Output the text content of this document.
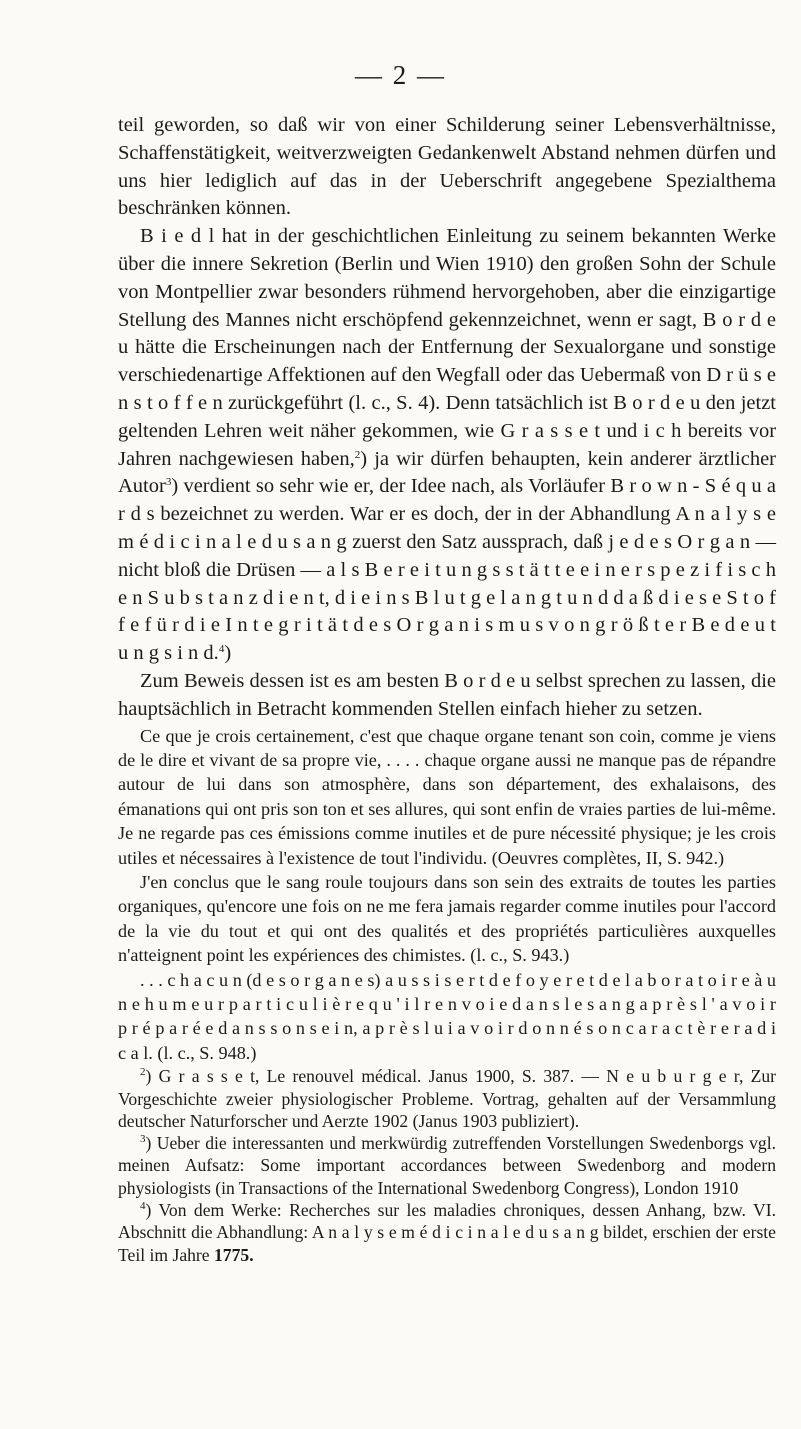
— 2 —

teil geworden, so daß wir von einer Schilderung seiner Lebensverhältnisse, Schaffenstätigkeit, weitverzweigten Gedankenwelt Abstand nehmen dürfen und uns hier lediglich auf das in der Ueberschrift angegebene Spezialthema beschränken können.

B i e d l hat in der geschichtlichen Einleitung zu seinem bekannten Werke über die innere Sekretion (Berlin und Wien 1910) den großen Sohn der Schule von Montpellier zwar besonders rühmend hervorgehoben, aber die einzigartige Stellung des Mannes nicht erschöpfend gekennzeichnet, wenn er sagt, B o r d e u hätte die Erscheinungen nach der Entfernung der Sexualorgane und sonstige verschiedenartige Affektionen auf den Wegfall oder das Uebermaß von D r ü s e n s t o f f e n zurückgeführt (l. c., S. 4). Denn tatsächlich ist B o r d e u den jetzt geltenden Lehren weit näher gekommen, wie G r a s s e t und i c h bereits vor Jahren nachgewiesen haben,$^2$) ja wir dürfen behaupten, kein anderer ärztlicher Autor$^3$) verdient so sehr wie er, der Idee nach, als Vorläufer B r o w n - S é q u a r d s bezeichnet zu werden. War er es doch, der in der Abhandlung A n a l y s e m é d i c i n a l e d u s a n g zuerst den Satz aussprach, daß j e d e s O r g a n — nicht bloß die Drüsen — a l s B e r e i t u n g s s t ä t t e e i n e r s p e z i f i s c h e n S u b s t a n z d i e n t, d i e i n s B l u t g e l a n g t u n d d a ß d i e s e S t o f f e f ü r d i e I n t e g r i t ä t d e s O r g a n i s m u s v o n g r ö ß t e r B e d e u t u n g s i n d.$^4$)

Zum Beweis dessen ist es am besten B o r d e u selbst sprechen zu lassen, die hauptsächlich in Betracht kommenden Stellen einfach hieher zu setzen.

Ce que je crois certainement, c'est que chaque organe tenant son coin, comme je viens de le dire et vivant de sa propre vie, . . . . chaque organe aussi ne manque pas de répandre autour de lui dans son atmosphère, dans son département, des exhalaisons, des émanations qui ont pris son ton et ses allures, qui sont enfin de vraies parties de lui-même. Je ne regarde pas ces émissions comme inutiles et de pure nécessité physique; je les crois utiles et nécessaires à l'existence de tout l'individu. (Oeuvres complètes, II, S. 942.)

J'en conclus que le sang roule toujours dans son sein des extraits de toutes les parties organiques, qu'encore une fois on ne me fera jamais regarder comme inutiles pour l'accord de la vie du tout et qui ont des qualités et des propriétés particulières auxquelles n'atteignent point les expériences des chimistes. (l. c., S. 943.)

. . . c h a c u n (d e s o r g a n e s) a u s s i s e r t d e f o y e r e t d e l a b o r a t o i r e à u n e h u m e u r p a r t i c u l i è r e q u ' i l r e n v o i e d a n s l e s a n g a p r è s l ' a v o i r p r é p a r é e d a n s s o n s e i n, a p r è s l u i a v o i r d o n n é s o n c a r a c t è r e r a d i c a l. (l. c., S. 948.)

$^2$) G r a s s e t, Le renouvel médical. Janus 1900, S. 387. — N e u b u r g e r, Zur Vorgeschichte zweier physiologischer Probleme. Vortrag, gehalten auf der Versammlung deutscher Naturforscher und Aerzte 1902 (Janus 1903 publiziert).

$^3$) Ueber die interessanten und merkwürdig zutreffenden Vorstellungen Swedenborgs vgl. meinen Aufsatz: Some important accordances between Swedenborg and modern physiologists (in Transactions of the International Swedenborg Congress), London 1910

$^4$) Von dem Werke: Recherches sur les maladies chroniques, dessen Anhang, bzw. VI. Abschnitt die Abhandlung: A n a l y s e m é d i c i n a l e d u s a n g bildet, erschien der erste Teil im Jahre 1775.
